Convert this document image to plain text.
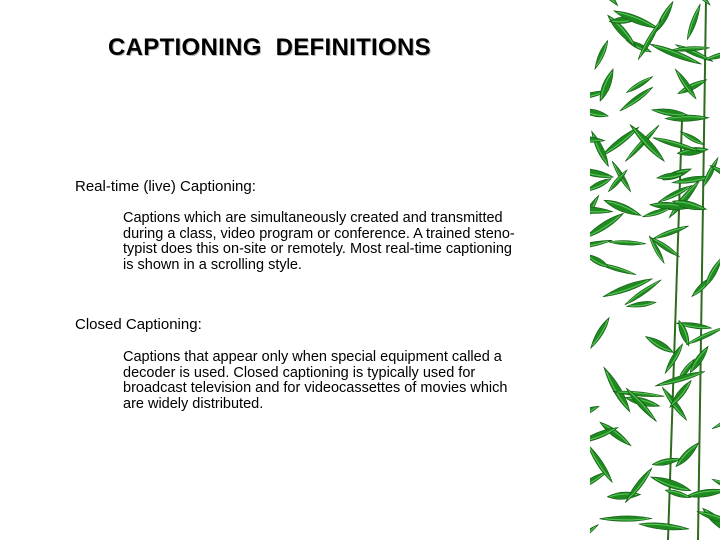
CAPTIONING  DEFINITIONS
Real-time (live) Captioning:
Captions which are simultaneously created and transmitted
during a class, video program or conference. A trained steno-
typist does this on-site or remotely. Most real-time captioning
is shown in a scrolling style.
Closed Captioning:
Captions that appear only when special equipment called a
decoder is used. Closed captioning is typically used for
broadcast television and for videocassettes of movies which
are widely distributed.
